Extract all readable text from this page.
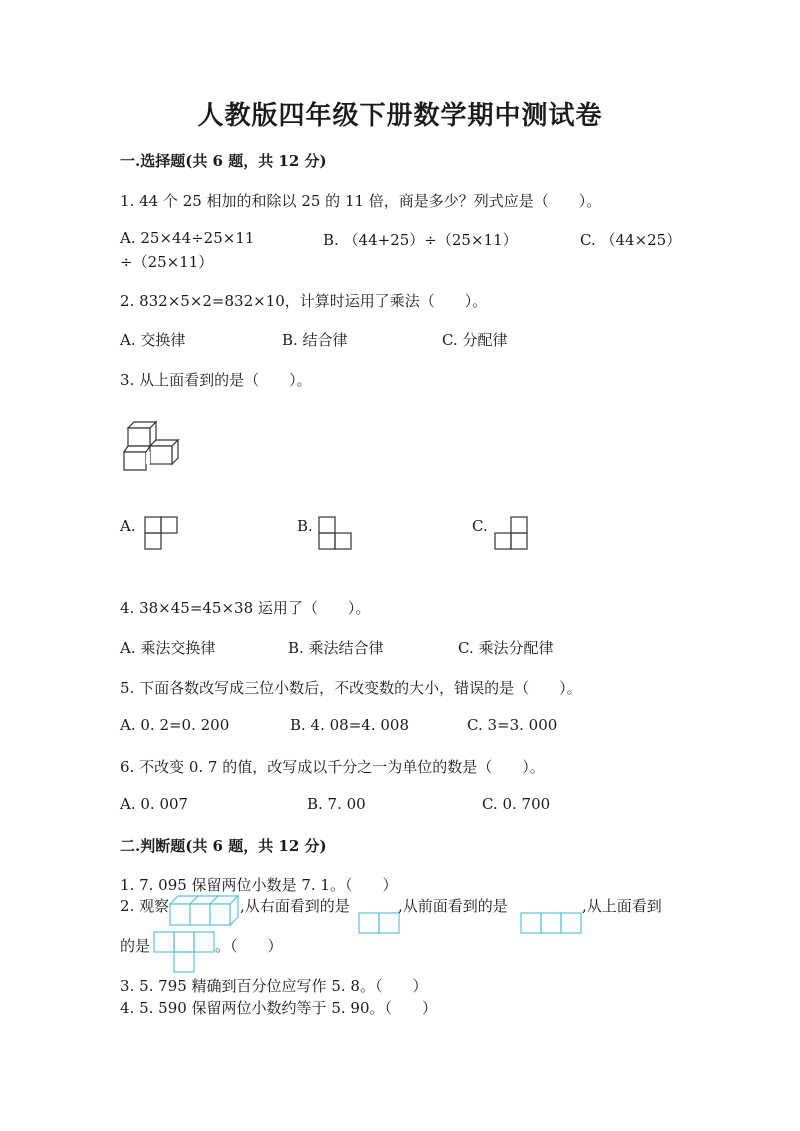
人教版四年级下册数学期中测试卷
一.选择题(共 6 题，共 12 分)
1. 44 个 25 相加的和除以 25 的 11 倍，商是多少？列式应是（　　）。
A. 25×44÷25×11	B. （44+25）÷（25×11）	C. （44×25）
÷（25×11）
2. 832×5×2=832×10，计算时运用了乘法（　　）。
A. 交换律	B. 结合律	C. 分配律
3. 从上面看到的是（　　）。
A.	B.	C.
4. 38×45=45×38 运用了（　　）。
A. 乘法交换律	B. 乘法结合律	C. 乘法分配律
5. 下面各数改写成三位小数后，不改变数的大小，错误的是（　　）。
A. 0. 2=0. 200	B. 4. 08=4. 008	C. 3=3. 000
6. 不改变 0. 7 的值，改写成以千分之一为单位的数是（　　）。
A. 0. 007	B. 7. 00	C. 0. 700
二.判断题(共 6 题，共 12 分)
1. 7. 095 保留两位小数是 7. 1。（　　）
2. 观察	,从右面看到的是	,从前面看到的是	,从上面看到
的是	。（　　）
3. 5. 795 精确到百分位应写作 5. 8。（　　）
4. 5. 590 保留两位小数约等于 5. 90。（　　）
